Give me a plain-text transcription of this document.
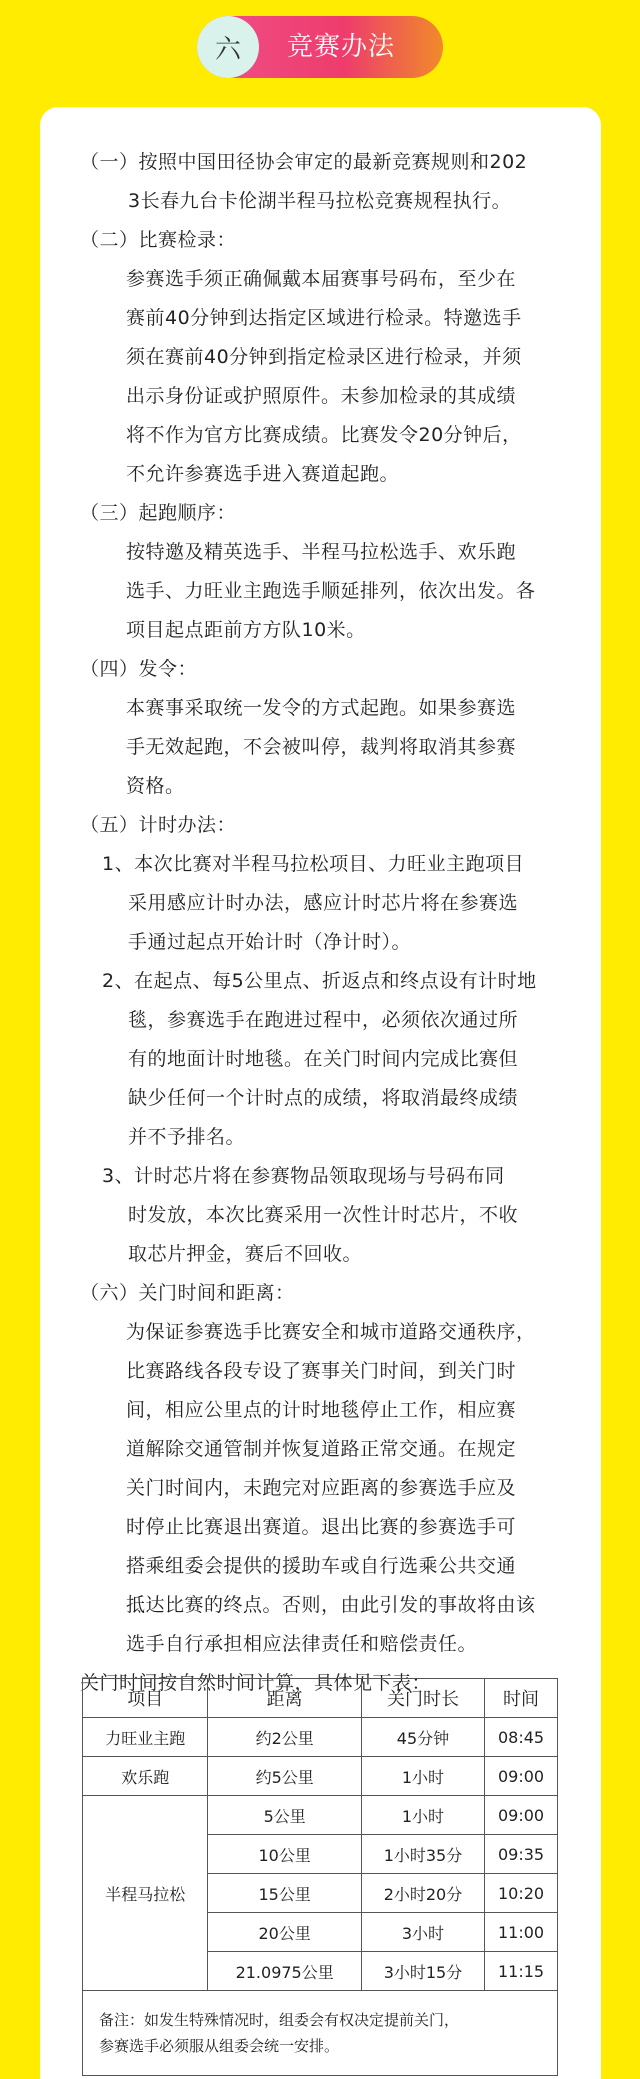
六	竞赛办法
（一）按照中国田径协会审定的最新竞赛规则和202
3长春九台卡伦湖半程马拉松竞赛规程执行。
（二）比赛检录：
参赛选手须正确佩戴本届赛事号码布，至少在
赛前40分钟到达指定区域进行检录。特邀选手
须在赛前40分钟到指定检录区进行检录，并须
出示身份证或护照原件。未参加检录的其成绩
将不作为官方比赛成绩。比赛发令20分钟后，
不允许参赛选手进入赛道起跑。
（三）起跑顺序：
按特邀及精英选手、半程马拉松选手、欢乐跑
选手、力旺业主跑选手顺延排列，依次出发。各
项目起点距前方方队10米。
（四）发令：
本赛事采取统一发令的方式起跑。如果参赛选
手无效起跑，不会被叫停，裁判将取消其参赛
资格。
（五）计时办法：
1、本次比赛对半程马拉松项目、力旺业主跑项目
采用感应计时办法，感应计时芯片将在参赛选
手通过起点开始计时（净计时）。
2、在起点、每5公里点、折返点和终点设有计时地
毯，参赛选手在跑进过程中，必须依次通过所
有的地面计时地毯。在关门时间内完成比赛但
缺少任何一个计时点的成绩，将取消最终成绩
并不予排名。
3、计时芯片将在参赛物品领取现场与号码布同
时发放，本次比赛采用一次性计时芯片，不收
取芯片押金，赛后不回收。
（六）关门时间和距离：
为保证参赛选手比赛安全和城市道路交通秩序，
比赛路线各段专设了赛事关门时间，到关门时
间，相应公里点的计时地毯停止工作，相应赛
道解除交通管制并恢复道路正常交通。在规定
关门时间内，未跑完对应距离的参赛选手应及
时停止比赛退出赛道。退出比赛的参赛选手可
搭乘组委会提供的援助车或自行选乘公共交通
抵达比赛的终点。否则，由此引发的事故将由该
选手自行承担相应法律责任和赔偿责任。
关门时间按自然时间计算，具体见下表：
项目	距离	关门时长	时间
力旺业主跑	约2公里	45分钟	08:45
欢乐跑	约5公里	1小时	09:00
半程马拉松	5公里	1小时	09:00
	10公里	1小时35分	09:35
	15公里	2小时20分	10:20
	20公里	3小时	11:00
	21.0975公里	3小时15分	11:15

备注：如发生特殊情况时，组委会有权决定提前关门，
参赛选手必须服从组委会统一安排。			
